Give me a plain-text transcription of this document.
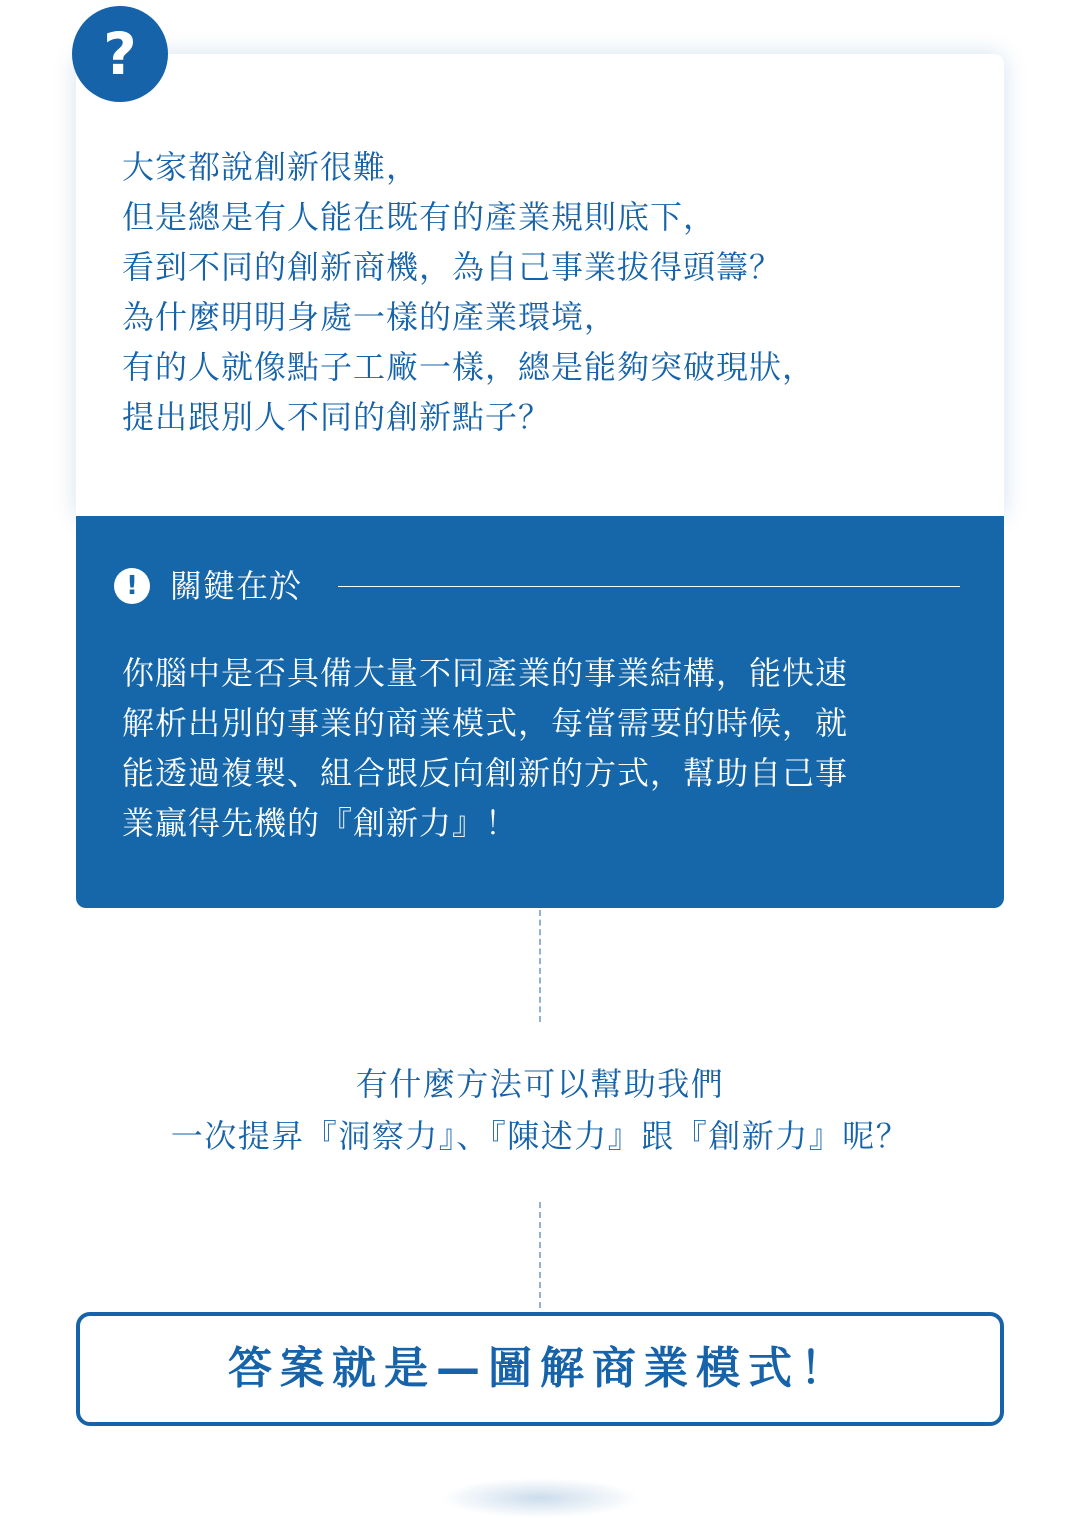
?
大家都說創新很難，
但是總是有人能在既有的產業規則底下，
看到不同的創新商機，為自己事業拔得頭籌？
為什麼明明身處一樣的產業環境，
有的人就像點子工廠一樣，總是能夠突破現狀，
提出跟別人不同的創新點子？
!	關鍵在於
你腦中是否具備大量不同產業的事業結構，能快速
解析出別的事業的商業模式，每當需要的時候，就
能透過複製、組合跟反向創新的方式，幫助自己事
業贏得先機的『創新力』！
有什麼方法可以幫助我們
一次提昇『洞察力』、『陳述力』跟『創新力』呢？
答案就是—圖解商業模式！
